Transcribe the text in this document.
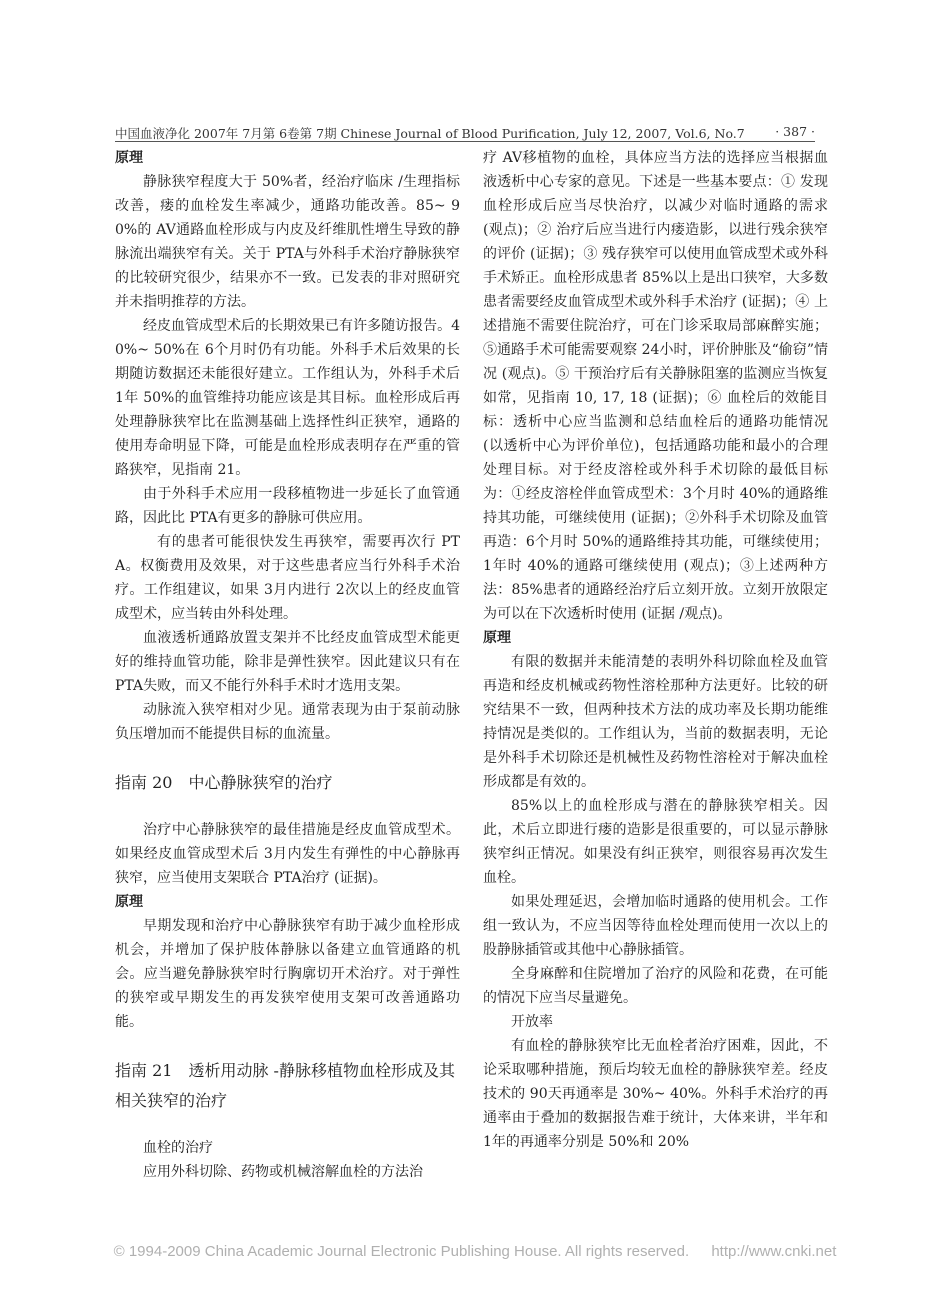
中国血液净化 2007年 7月第 6卷第 7期 Chinese Journal of Blood Purification, July 12, 2007, Vol.6, No.7 · 387 ·
原理

静脉狭窄程度大于 50%者，经治疗临床 /生理指标改善，瘘的血栓发生率减少，通路功能改善。85~ 90%的 AV通路血栓形成与内皮及纤维肌性增生导致的静脉流出端狭窄有关。关于 PTA与外科手术治疗静脉狭窄的比较研究很少，结果亦不一致。已发表的非对照研究并未指明推荐的方法。

经皮血管成型术后的长期效果已有许多随访报告。40%~ 50%在 6个月时仍有功能。外科手术后效果的长期随访数据还未能很好建立。工作组认为，外科手术后 1年 50%的血管维持功能应该是其目标。血栓形成后再处理静脉狭窄比在监测基础上选择性纠正狭窄，通路的使用寿命明显下降，可能是血栓形成表明存在严重的管路狭窄，见指南 21。

由于外科手术应用一段移植物进一步延长了血管通路，因此比 PTA有更多的静脉可供应用。

有的患者可能很快发生再狭窄，需要再次行 PTA。权衡费用及效果，对于这些患者应当行外科手术治疗。工作组建议，如果 3月内进行 2次以上的经皮血管成型术，应当转由外科处理。

血液透析通路放置支架并不比经皮血管成型术能更好的维持血管功能，除非是弹性狭窄。因此建议只有在 PTA失败，而又不能行外科手术时才选用支架。

动脉流入狭窄相对少见。通常表现为由于泵前动脉负压增加而不能提供目标的血流量。

指南 20　中心静脉狭窄的治疗

治疗中心静脉狭窄的最佳措施是经皮血管成型术。如果经皮血管成型术后 3月内发生有弹性的中心静脉再狭窄，应当使用支架联合 PTA治疗 (证据)。

原理

早期发现和治疗中心静脉狭窄有助于减少血栓形成机会，并增加了保护肢体静脉以备建立血管通路的机会。应当避免静脉狭窄时行胸廓切开术治疗。对于弹性的狭窄或早期发生的再发狭窄使用支架可改善通路功能。

指南 21　透析用动脉 -静脉移植物血栓形成及其相关狭窄的治疗
血栓的治疗

应用外科切除、药物或机械溶解血栓的方法治

疗 AV移植物的血栓，具体应当方法的选择应当根据血液透析中心专家的意见。下述是一些基本要点：① 发现血栓形成后应当尽快治疗，以减少对临时通路的需求 (观点)；② 治疗后应当进行内瘘造影，以进行残余狭窄的评价 (证据)；③ 残存狭窄可以使用血管成型术或外科手术矫正。血栓形成患者 85%以上是出口狭窄，大多数患者需要经皮血管成型术或外科手术治疗 (证据)；④ 上述措施不需要住院治疗，可在门诊采取局部麻醉实施；⑤通路手术可能需要观察 24小时，评价肿胀及“偷窃”情况 (观点)。⑤ 干预治疗后有关静脉阻塞的监测应当恢复如常，见指南 10, 17, 18 (证据)；⑥ 血栓后的效能目标：透析中心应当监测和总结血栓后的通路功能情况 (以透析中心为评价单位)，包括通路功能和最小的合理处理目标。对于经皮溶栓或外科手术切除的最低目标为：①经皮溶栓伴血管成型术：3个月时 40%的通路维持其功能，可继续使用 (证据)；②外科手术切除及血管再造：6个月时 50%的通路维持其功能，可继续使用；1年时 40%的通路可继续使用 (观点)；③上述两种方法：85%患者的通路经治疗后立刻开放。立刻开放限定为可以在下次透析时使用 (证据 /观点)。

原理

有限的数据并未能清楚的表明外科切除血栓及血管再造和经皮机械或药物性溶栓那种方法更好。比较的研究结果不一致，但两种技术方法的成功率及长期功能维持情况是类似的。工作组认为，当前的数据表明，无论是外科手术切除还是机械性及药物性溶栓对于解决血栓形成都是有效的。

85%以上的血栓形成与潜在的静脉狭窄相关。因此，术后立即进行瘘的造影是很重要的，可以显示静脉狭窄纠正情况。如果没有纠正狭窄，则很容易再次发生血栓。

如果处理延迟，会增加临时通路的使用机会。工作组一致认为，不应当因等待血栓处理而使用一次以上的股静脉插管或其他中心静脉插管。

全身麻醉和住院增加了治疗的风险和花费，在可能的情况下应当尽量避免。

开放率

有血栓的静脉狭窄比无血栓者治疗困难，因此，不论采取哪种措施，预后均较无血栓的静脉狭窄差。经皮技术的 90天再通率是 30%~ 40%。外科手术治疗的再通率由于叠加的数据报告难于统计，大体来讲，半年和 1年的再通率分别是 50%和 20%

© 1994-2009 China Academic Journal Electronic Publishing House. All rights reserved. http://www.cnki.net
